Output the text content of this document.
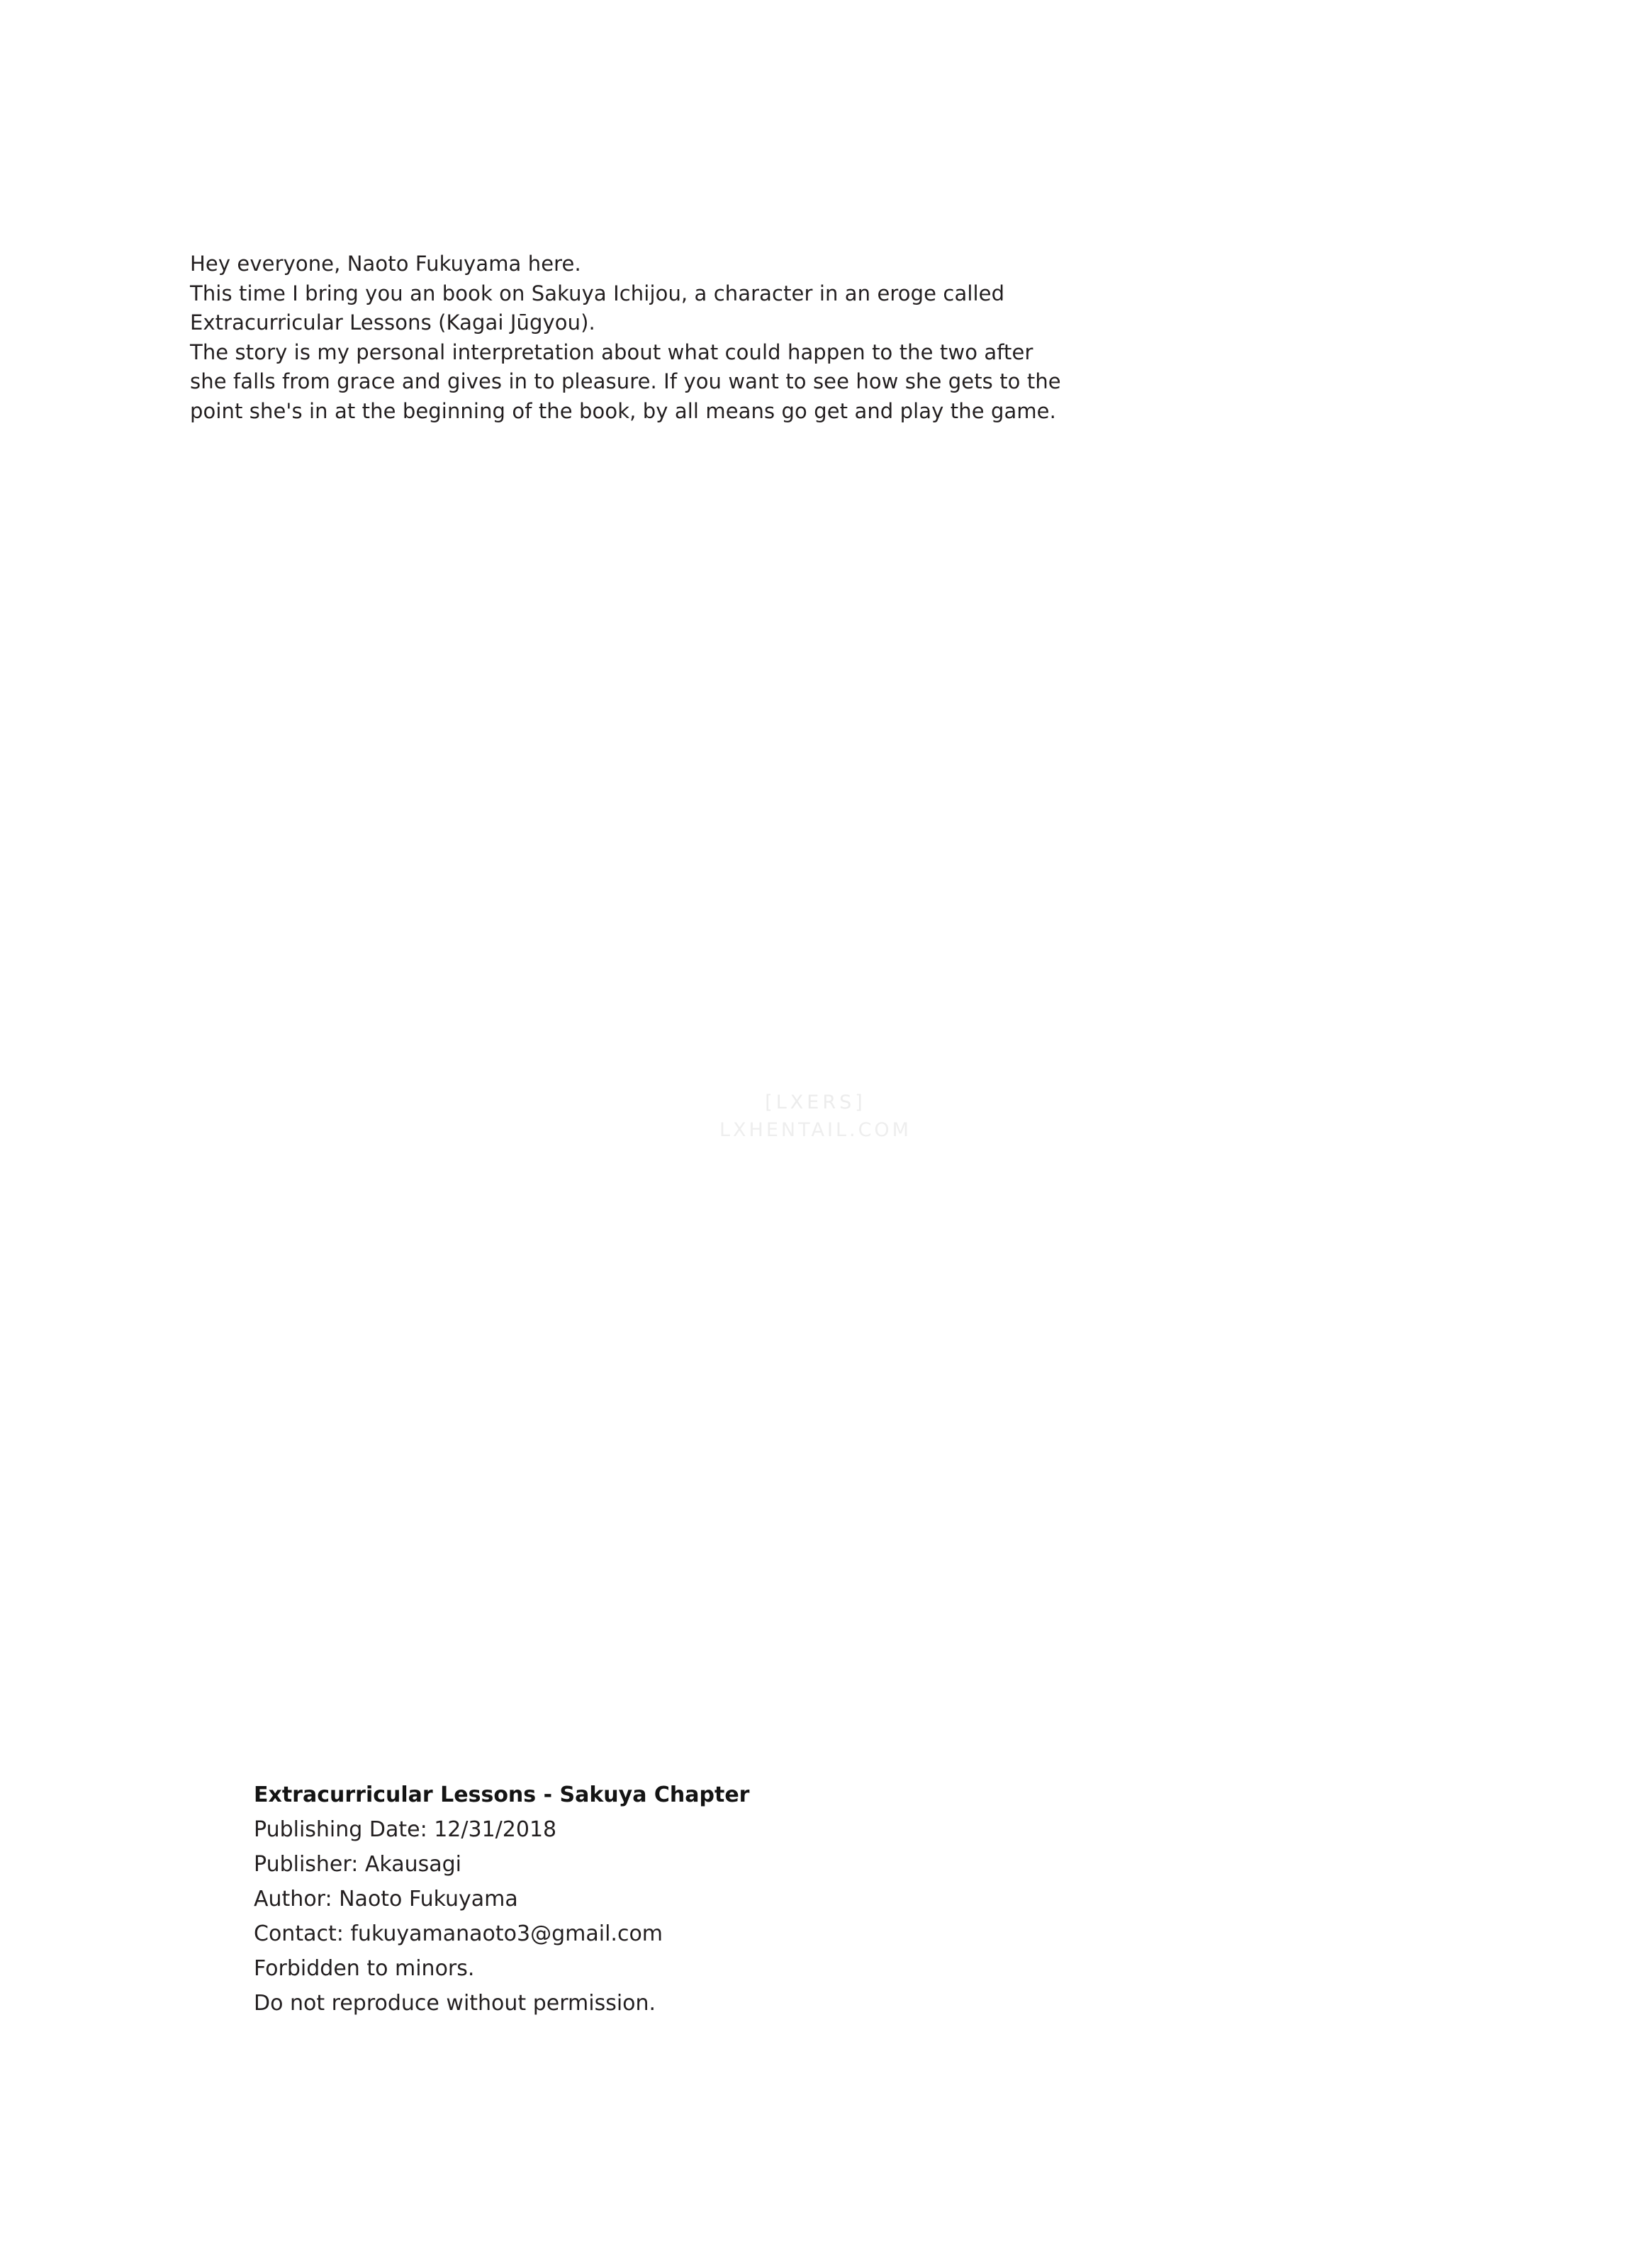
Hey everyone, Naoto Fukuyama here.
This time I bring you an book on Sakuya Ichijou, a character in an eroge called
Extracurricular Lessons (Kagai Jūgyou).
The story is my personal interpretation about what could happen to the two after
she falls from grace and gives in to pleasure. If you want to see how she gets to the
point she's in at the beginning of the book, by all means go get and play the game.
[LXERS]
LXHENTAIL.COM
Extracurricular Lessons - Sakuya Chapter
Publishing Date: 12/31/2018
Publisher: Akausagi
Author: Naoto Fukuyama
Contact: fukuyamanaoto3@gmail.com
Forbidden to minors.
Do not reproduce without permission.
